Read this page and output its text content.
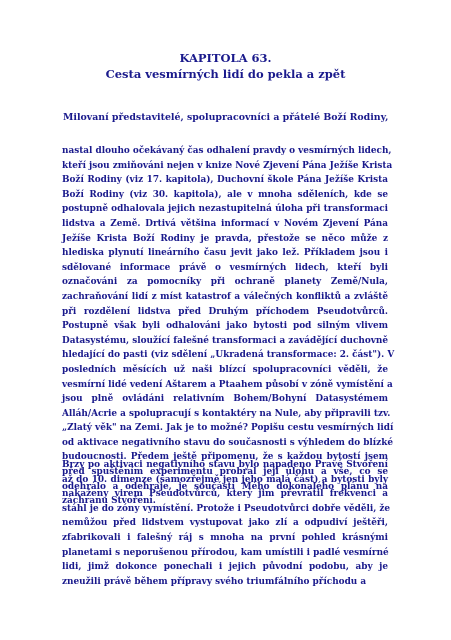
KAPITOLA 63.
Cesta vesmírných lidí do pekla a zpět
Milovaní představitelé, spolupracovníci a přátelé Boží Rodiny,
nastal dlouho očekávaný čas odhalení pravdy o vesmírných lidech,
kteří jsou zmiňováni nejen v knize Nové Zjevení Pána Ježíše Krista
Boží Rodiny (viz 17. kapitola), Duchovní škole Pána Ježíše Krista
Boží Rodiny (viz 30. kapitola), ale v mnoha sděleních, kde se
postupně odhalovala jejich nezastupitelná úloha při transformaci
lidstva a Země. Drtivá většina informací v Novém Zjevení Pána
Ježíše Krista Boží Rodiny je pravda, přestože se něco může z
hlediska plynutí lineárního času jevit jako lež. Příkladem jsou i
sdělované informace právě o vesmírných lidech, kteří byli
označováni za pomocníky při ochraně planety Země/Nula,
zachraňování lidí z míst katastrof a válečných konfliktů a zvláště
při rozdělení lidstva před Druhým příchodem Pseudotvůrců.
Postupně však byli odhalováni jako bytosti pod silným vlivem
Datasystému, sloužící falešné transformaci a zavádějící duchovně
hledající do pasti (viz sdělení „Ukradená transformace: 2. část"). V
posledních měsících už naši blízcí spolupracovníci věděli, že
vesmírní lidé vedení Aštarem a Ptaahem působí v zóně vymístění a
jsou plně ovládáni relativním Bohem/Bohyní Datasystémem
Alláh/Acrie a spolupracují s kontaktéry na Nule, aby připravili tzv.
„Zlatý věk" na Zemi. Jak je to možné? Popišu cestu vesmírných lidí
od aktivace negativního stavu do současnosti s výhledem do blízké
budoucnosti. Předem ještě připomenu, že s každou bytostí jsem
před spuštěním experimentu probral její úlohu a vše, co se
odehrálo a odehraje, je součástí Mého dokonalého plánu na
záchranu Stvoření.
Brzy po aktivaci negativního stavu bylo napadeno Pravé Stvoření
až do 10. dimenze (samozřejmě jen jeho malá část) a bytosti byly
nakaženy virem Pseudotvůrců, který jim převrátil frekvenci a
stáhl je do zóny vymístění. Protože i Pseudotvůrci dobře věděli, že
nemůžou před lidstvem vystupovat jako zlí a odpudiví ještěři,
zfabrikovali i falešný ráj s mnoha na první pohled krásnými
planetami s neporušenou přírodou, kam umístili i padlé vesmírné
lidi, jimž dokonce ponechali i jejich původní podobu, aby je
zneužili právě během přípravy svého triumfálního příchodu a
